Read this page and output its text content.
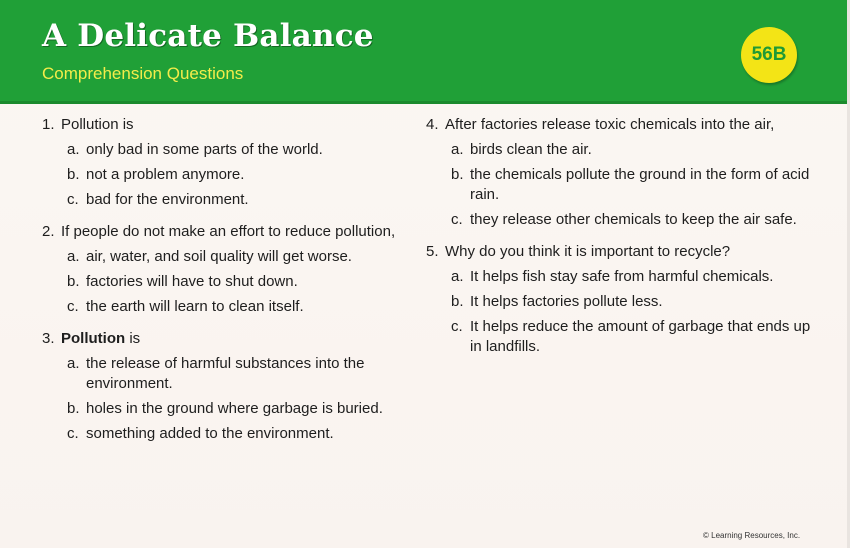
A Delicate Balance
Comprehension Questions
56B
1. Pollution is
a. only bad in some parts of the world.
b. not a problem anymore.
c. bad for the environment.
2. If people do not make an effort to reduce pollution,
a. air, water, and soil quality will get worse.
b. factories will have to shut down.
c. the earth will learn to clean itself.
3. Pollution is
a. the release of harmful substances into the environment.
b. holes in the ground where garbage is buried.
c. something added to the environment.
4. After factories release toxic chemicals into the air,
a. birds clean the air.
b. the chemicals pollute the ground in the form of acid rain.
c. they release other chemicals to keep the air safe.
5. Why do you think it is important to recycle?
a. It helps fish stay safe from harmful chemicals.
b. It helps factories pollute less.
c. It helps reduce the amount of garbage that ends up in landfills.
© Learning Resources, Inc.
